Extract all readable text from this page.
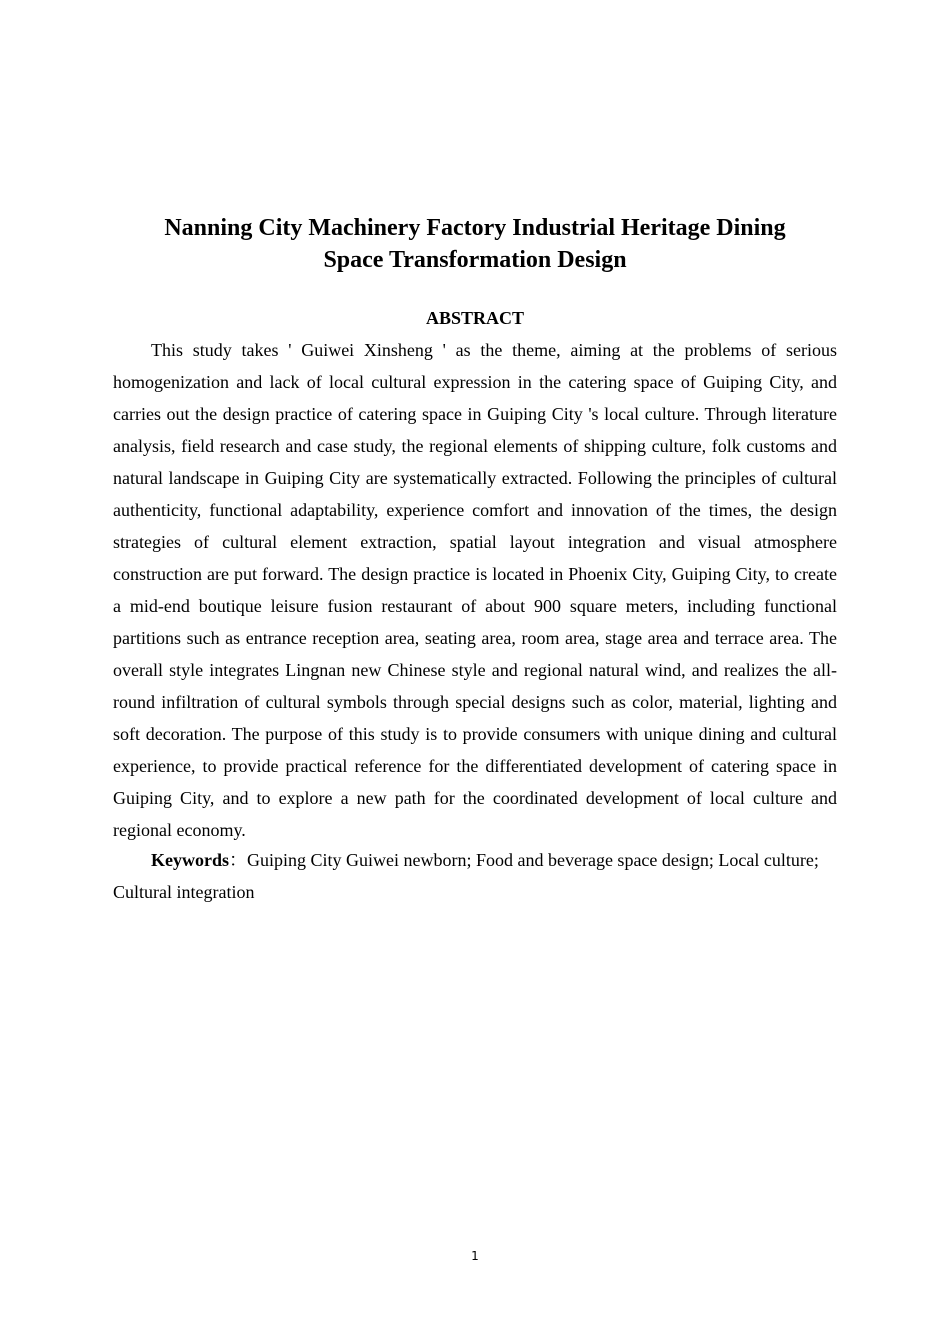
Nanning City Machinery Factory Industrial Heritage Dining
Space Transformation Design
ABSTRACT

This study takes ' Guiwei Xinsheng ' as the theme, aiming at the problems of serious homogenization and lack of local cultural expression in the catering space of Guiping City, and carries out the design practice of catering space in Guiping City 's local culture. Through literature analysis, field research and case study, the regional elements of shipping culture, folk customs and natural landscape in Guiping City are systematically extracted. Following the principles of cultural authenticity, functional adaptability, experience comfort and innovation of the times, the design strategies of cultural element extraction, spatial layout integration and visual atmosphere construction are put forward. The design practice is located in Phoenix City, Guiping City, to create a mid-end boutique leisure fusion restaurant of about 900 square meters, including functional partitions such as entrance reception area, seating area, room area, stage area and terrace area. The overall style integrates Lingnan new Chinese style and regional natural wind, and realizes the all-round infiltration of cultural symbols through special designs such as color, material, lighting and soft decoration. The purpose of this study is to provide consumers with unique dining and cultural experience, to provide practical reference for the differentiated development of catering space in Guiping City, and to explore a new path for the coordinated development of local culture and regional economy.

Keywords：Guiping City Guiwei newborn; Food and beverage space design; Local culture; Cultural integration

1
